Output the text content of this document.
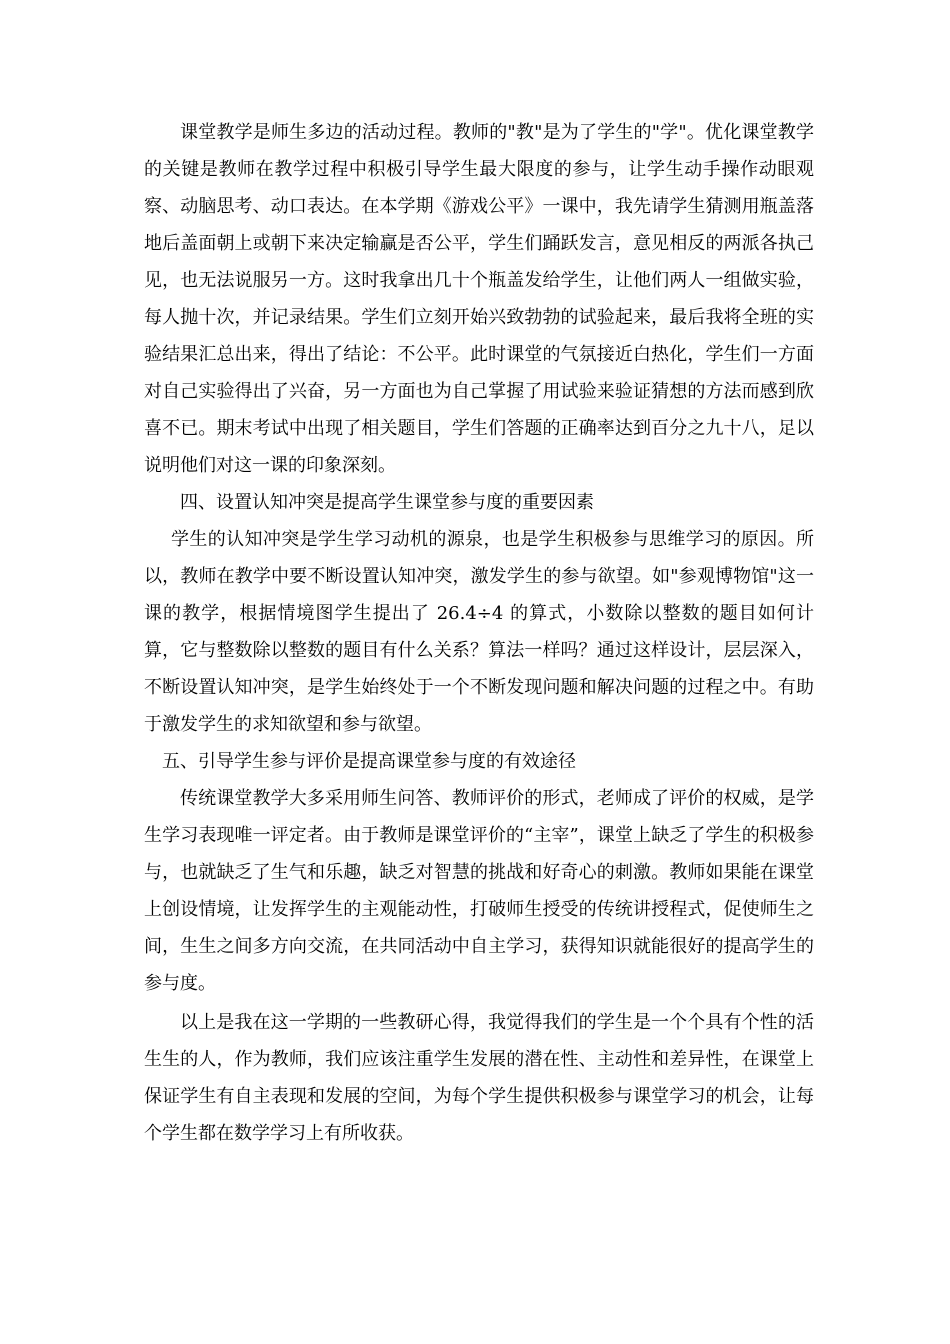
课堂教学是师生多边的活动过程。教师的"教"是为了学生的"学"。优化课堂教学的关键是教师在教学过程中积极引导学生最大限度的参与，让学生动手操作动眼观察、动脑思考、动口表达。在本学期《游戏公平》一课中，我先请学生猜测用瓶盖落地后盖面朝上或朝下来决定输赢是否公平，学生们踊跃发言，意见相反的两派各执己见，也无法说服另一方。这时我拿出几十个瓶盖发给学生，让他们两人一组做实验，每人抛十次，并记录结果。学生们立刻开始兴致勃勃的试验起来，最后我将全班的实验结果汇总出来，得出了结论：不公平。此时课堂的气氛接近白热化，学生们一方面对自己实验得出了兴奋，另一方面也为自己掌握了用试验来验证猜想的方法而感到欣喜不已。期末考试中出现了相关题目，学生们答题的正确率达到百分之九十八，足以说明他们对这一课的印象深刻。

四、设置认知冲突是提高学生课堂参与度的重要因素

学生的认知冲突是学生学习动机的源泉，也是学生积极参与思维学习的原因。所以，教师在教学中要不断设置认知冲突，激发学生的参与欲望。如"参观博物馆"这一课的教学，根据情境图学生提出了 26.4÷4 的算式，小数除以整数的题目如何计算，它与整数除以整数的题目有什么关系？算法一样吗？通过这样设计，层层深入，不断设置认知冲突，是学生始终处于一个不断发现问题和解决问题的过程之中。有助于激发学生的求知欲望和参与欲望。

五、引导学生参与评价是提高课堂参与度的有效途径

传统课堂教学大多采用师生问答、教师评价的形式，老师成了评价的权威，是学生学习表现唯一评定者。由于教师是课堂评价的“主宰”，课堂上缺乏了学生的积极参与，也就缺乏了生气和乐趣，缺乏对智慧的挑战和好奇心的刺激。教师如果能在课堂上创设情境，让发挥学生的主观能动性，打破师生授受的传统讲授程式，促使师生之间，生生之间多方向交流，在共同活动中自主学习，获得知识就能很好的提高学生的参与度。

以上是我在这一学期的一些教研心得，我觉得我们的学生是一个个具有个性的活生生的人，作为教师，我们应该注重学生发展的潜在性、主动性和差异性，在课堂上保证学生有自主表现和发展的空间，为每个学生提供积极参与课堂学习的机会，让每个学生都在数学学习上有所收获。
